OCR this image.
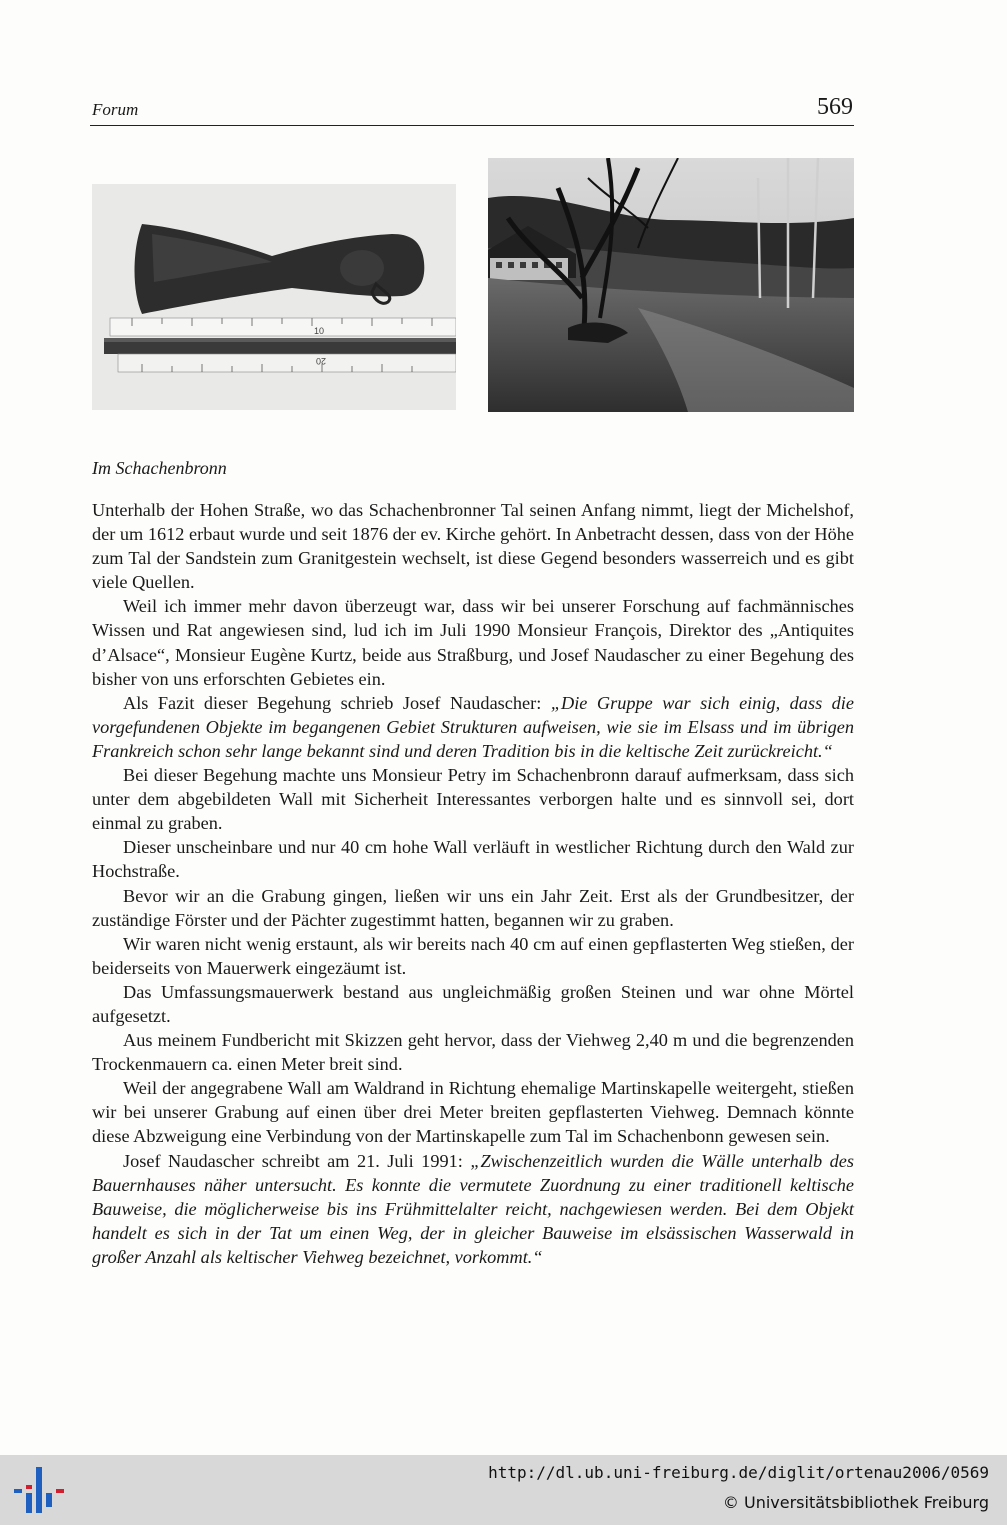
Forum	569
10
20
Im Schachenbronn

Unterhalb der Hohen Straße, wo das Schachenbronner Tal seinen Anfang nimmt, liegt der Michelshof, der um 1612 erbaut wurde und seit 1876 der ev. Kirche gehört. In Anbetracht dessen, dass von der Höhe zum Tal der Sandstein zum Granitgestein wechselt, ist diese Gegend besonders wasserreich und es gibt viele Quellen.

Weil ich immer mehr davon überzeugt war, dass wir bei unserer Forschung auf fachmännisches Wissen und Rat angewiesen sind, lud ich im Juli 1990 Monsieur François, Direktor des „Antiquites d’Alsace“, Monsieur Eugène Kurtz, beide aus Straßburg, und Josef Naudascher zu einer Begehung des bisher von uns erforschten Gebietes ein.

Als Fazit dieser Begehung schrieb Josef Naudascher: „Die Gruppe war sich einig, dass die vorgefundenen Objekte im begangenen Gebiet Strukturen aufweisen, wie sie im Elsass und im übrigen Frankreich schon sehr lange bekannt sind und deren Tradition bis in die keltische Zeit zurückreicht.“

Bei dieser Begehung machte uns Monsieur Petry im Schachenbronn darauf aufmerksam, dass sich unter dem abgebildeten Wall mit Sicherheit Interessantes verborgen halte und es sinnvoll sei, dort einmal zu graben.

Dieser unscheinbare und nur 40 cm hohe Wall verläuft in westlicher Richtung durch den Wald zur Hochstraße.

Bevor wir an die Grabung gingen, ließen wir uns ein Jahr Zeit. Erst als der Grundbesitzer, der zuständige Förster und der Pächter zugestimmt hatten, begannen wir zu graben.

Wir waren nicht wenig erstaunt, als wir bereits nach 40 cm auf einen gepflasterten Weg stießen, der beiderseits von Mauerwerk eingezäumt ist.

Das Umfassungsmauerwerk bestand aus ungleichmäßig großen Steinen und war ohne Mörtel aufgesetzt.

Aus meinem Fundbericht mit Skizzen geht hervor, dass der Viehweg 2,40 m und die begrenzenden Trockenmauern ca. einen Meter breit sind.

Weil der angegrabene Wall am Waldrand in Richtung ehemalige Martinskapelle weitergeht, stießen wir bei unserer Grabung auf einen über drei Meter breiten gepflasterten Viehweg. Demnach könnte diese Abzweigung eine Verbindung von der Martinskapelle zum Tal im Schachenbonn gewesen sein.

Josef Naudascher schreibt am 21. Juli 1991: „Zwischenzeitlich wurden die Wälle unterhalb des Bauernhauses näher untersucht. Es konnte die vermutete Zuordnung zu einer traditionell keltische Bauweise, die möglicherweise bis ins Frühmittelalter reicht, nachgewiesen werden. Bei dem Objekt handelt es sich in der Tat um einen Weg, der in gleicher Bauweise im elsässischen Wasserwald in großer Anzahl als keltischer Viehweg bezeichnet, vorkommt.“

http://dl.ub.uni-freiburg.de/diglit/ortenau2006/0569
© Universitätsbibliothek Freiburg
